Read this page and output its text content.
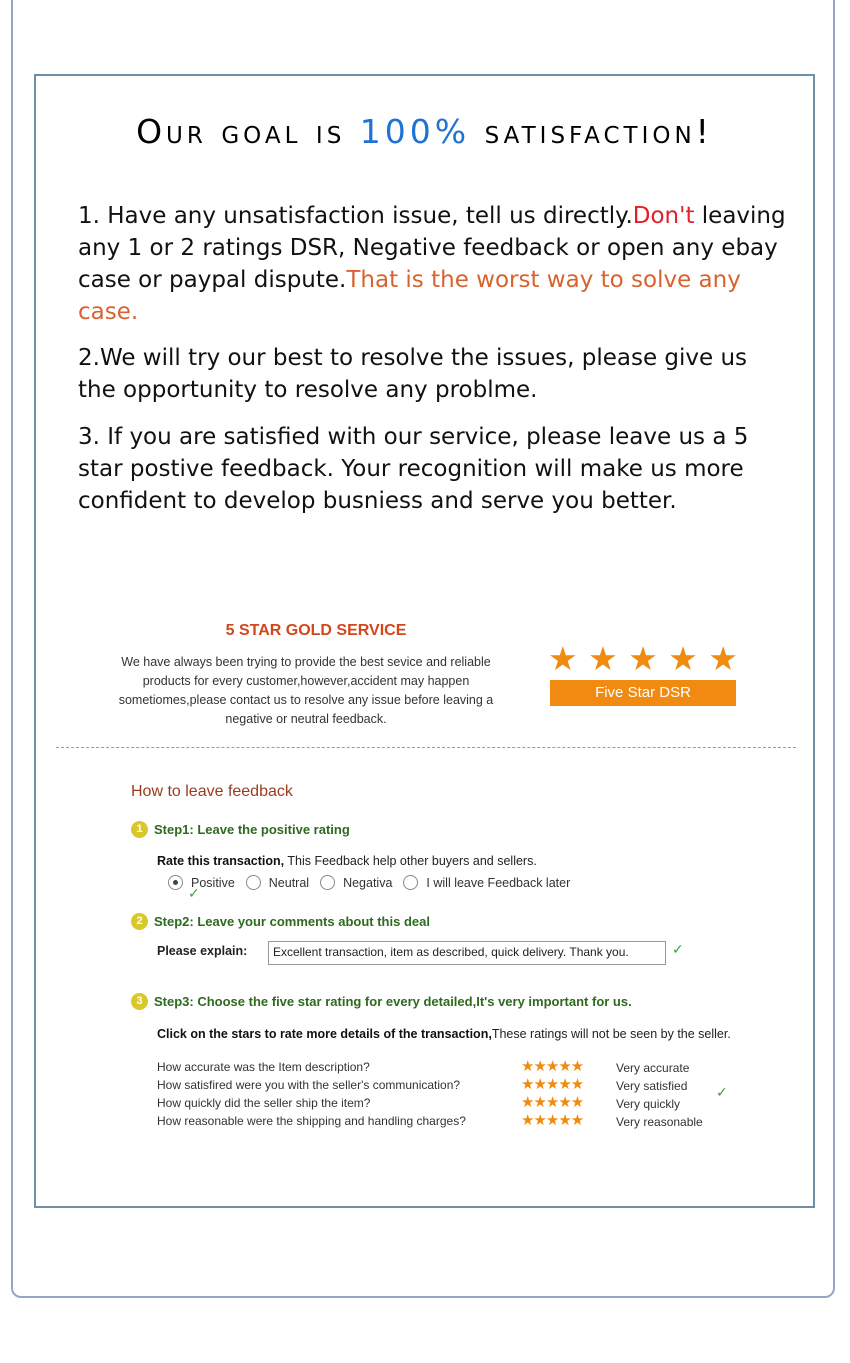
Our goal is 100% satisfaction!

1. Have any unsatisfaction issue, tell us directly.Don't leaving any 1 or 2 ratings DSR, Negative feedback or open any ebay case or paypal dispute.That is the worst way to solve any case.

2.We will try our best to resolve the issues, please give us the opportunity to resolve any problme.

3. If you are satisfied with our service, please leave us a 5 star postive feedback. Your recognition will make us more confident to develop busniess and serve you better.

5 STAR GOLD SERVICE
We have always been trying to provide the best sevice and reliable products for every customer,however,accident may happen sometiomes,please contact us to resolve any issue before leaving a negative or neutral feedback.
★ ★ ★ ★ ★
Five Star DSR
How to leave feedback
1 Step1: Leave the positive rating
Rate this transaction, This Feedback help other buyers and sellers.
Positive	Neutral	Negativa	I will leave Feedback later
✓
2 Step2: Leave your comments about this deal
Please explain:	Excellent transaction, item as described, quick delivery. Thank you.	✓
3 Step3: Choose the five star rating for every detailed,It's very important for us.
Click on the stars to rate more details of the transaction,These ratings will not be seen by the seller.
How accurate was the Item description?	★★★★★	Very accurate
How satisfired were you with the seller's communication?	★★★★★	Very satisfied
How quickly did the seller ship the item?	★★★★★	Very quickly
How reasonable were the shipping and handling charges?	★★★★★	Very reasonable
✓
